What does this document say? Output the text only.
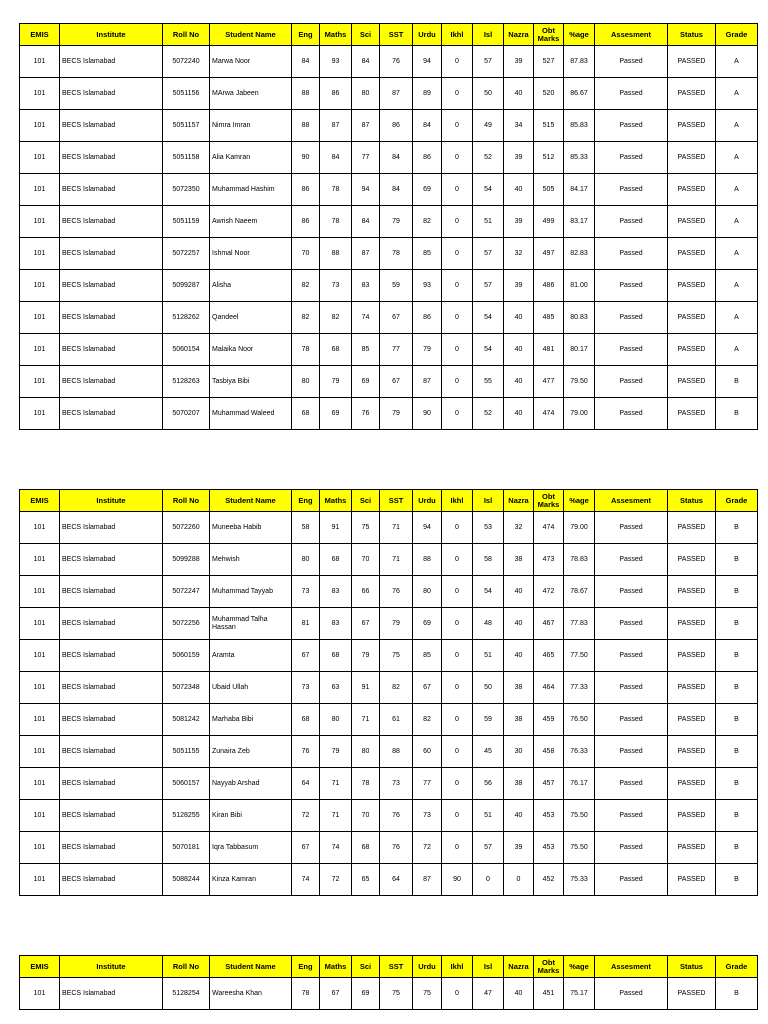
EMIS	Institute	Roll No	Student Name	Eng	Maths	Sci	SST	Urdu	Ikhl	Isl	Nazra	Obt Marks	%age	Assesment	Status	Grade
101	BECS Islamabad	5072240	Marwa Noor	84	93	84	76	94	0	57	39	527	87.83	Passed	PASSED	A
101	BECS Islamabad	5051156	MArwa Jabeen	88	86	80	87	89	0	50	40	520	86.67	Passed	PASSED	A
101	BECS Islamabad	5051157	Nimra Imran	88	87	87	86	84	0	49	34	515	85.83	Passed	PASSED	A
101	BECS Islamabad	5051158	Alia Kamran	90	84	77	84	86	0	52	39	512	85.33	Passed	PASSED	A
101	BECS Islamabad	5072350	Muhammad Hashim	86	78	94	84	69	0	54	40	505	84.17	Passed	PASSED	A
101	BECS Islamabad	5051159	Awrish Naeem	86	78	84	79	82	0	51	39	499	83.17	Passed	PASSED	A
101	BECS Islamabad	5072257	Ishmal Noor	70	88	87	78	85	0	57	32	497	82.83	Passed	PASSED	A
101	BECS Islamabad	5099287	Alisha	82	73	83	59	93	0	57	39	486	81.00	Passed	PASSED	A
101	BECS Islamabad	5128262	Qandeel	82	82	74	67	86	0	54	40	485	80.83	Passed	PASSED	A
101	BECS Islamabad	5060154	Malaika Noor	78	68	85	77	79	0	54	40	481	80.17	Passed	PASSED	A
101	BECS Islamabad	5128263	Tasbiya Bibi	80	79	69	67	87	0	55	40	477	79.50	Passed	PASSED	B
101	BECS Islamabad	5070207	Muhammad Waleed	68	69	76	79	90	0	52	40	474	79.00	Passed	PASSED	B
EMIS	Institute	Roll No	Student Name	Eng	Maths	Sci	SST	Urdu	Ikhl	Isl	Nazra	Obt Marks	%age	Assesment	Status	Grade
101	BECS Islamabad	5072260	Muneeba Habib	58	91	75	71	94	0	53	32	474	79.00	Passed	PASSED	B
101	BECS Islamabad	5099288	Mehwish	80	68	70	71	88	0	58	38	473	78.83	Passed	PASSED	B
101	BECS Islamabad	5072247	Muhammad Tayyab	73	83	66	76	80	0	54	40	472	78.67	Passed	PASSED	B
101	BECS Islamabad	5072256	Muhammad Talha Hassan	81	83	67	79	69	0	48	40	467	77.83	Passed	PASSED	B
101	BECS Islamabad	5060159	Aramta	67	68	79	75	85	0	51	40	465	77.50	Passed	PASSED	B
101	BECS Islamabad	5072348	Ubaid Ullah	73	63	91	82	67	0	50	38	464	77.33	Passed	PASSED	B
101	BECS Islamabad	5081242	Marhaba Bibi	68	80	71	61	82	0	59	38	459	76.50	Passed	PASSED	B
101	BECS Islamabad	5051155	Zunaira Zeb	76	79	80	88	60	0	45	30	458	76.33	Passed	PASSED	B
101	BECS Islamabad	5060157	Nayyab Arshad	64	71	78	73	77	0	56	38	457	76.17	Passed	PASSED	B
101	BECS Islamabad	5128255	Kiran Bibi	72	71	70	76	73	0	51	40	453	75.50	Passed	PASSED	B
101	BECS Islamabad	5070181	Iqra Tabbasum	67	74	68	76	72	0	57	39	453	75.50	Passed	PASSED	B
101	BECS Islamabad	5088244	Kinza Kamran	74	72	65	64	87	90	0	0	452	75.33	Passed	PASSED	B
EMIS	Institute	Roll No	Student Name	Eng	Maths	Sci	SST	Urdu	Ikhl	Isl	Nazra	Obt Marks	%age	Assesment	Status	Grade
101	BECS Islamabad	5128254	Wareesha Khan	78	67	69	75	75	0	47	40	451	75.17	Passed	PASSED	B
